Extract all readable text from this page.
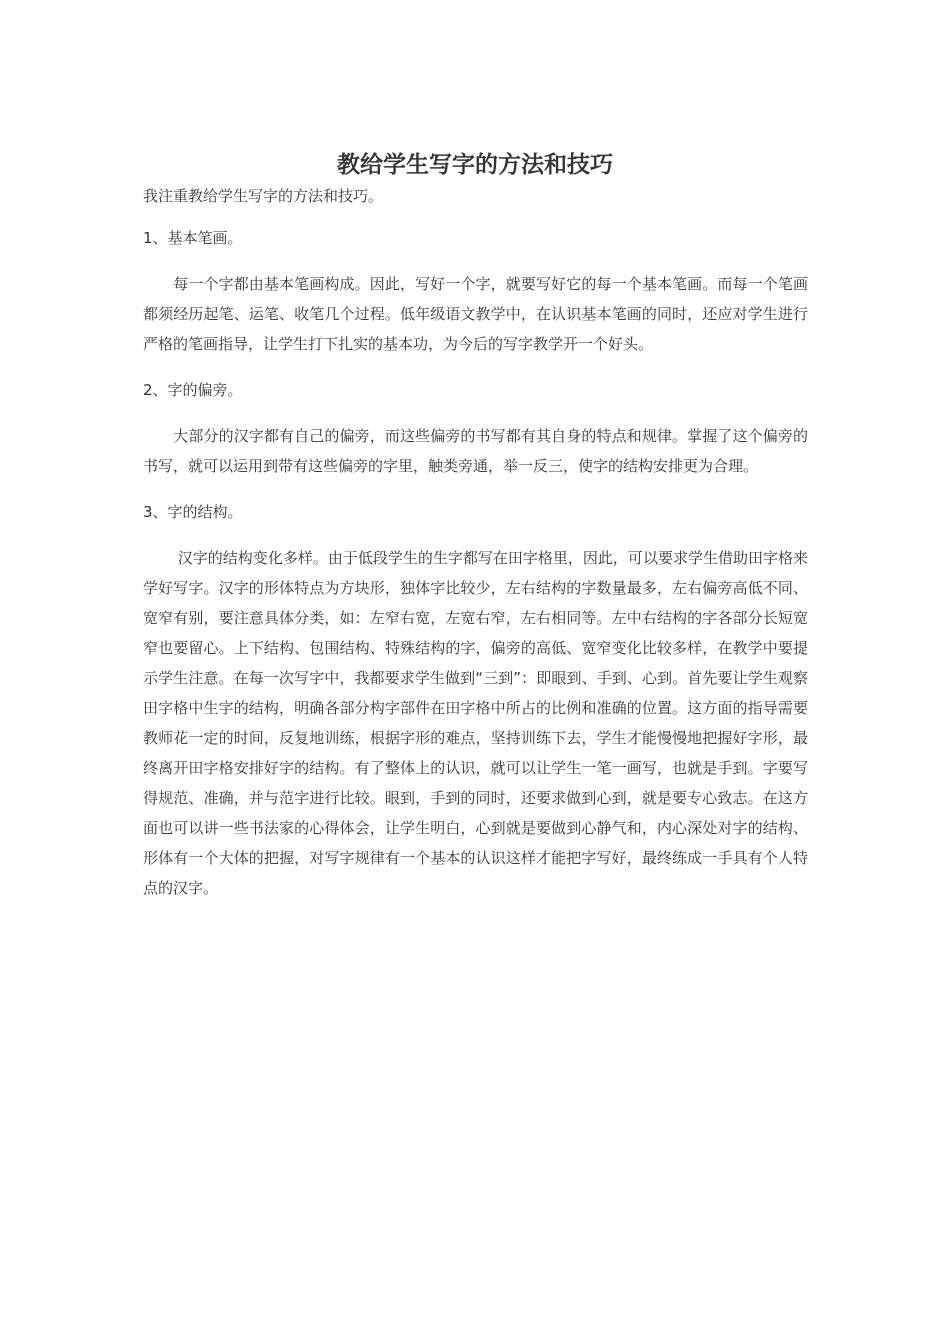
教给学生写字的方法和技巧

我注重教给学生写字的方法和技巧。

1、基本笔画。

　　每一个字都由基本笔画构成。因此，写好一个字，就要写好它的每一个基本笔画。而每一个笔画都须经历起笔、运笔、收笔几个过程。低年级语文教学中，在认识基本笔画的同时，还应对学生进行严格的笔画指导，让学生打下扎实的基本功，为今后的写字教学开一个好头。

2、字的偏旁。

　　大部分的汉字都有自己的偏旁，而这些偏旁的书写都有其自身的特点和规律。掌握了这个偏旁的书写，就可以运用到带有这些偏旁的字里，触类旁通，举一反三，使字的结构安排更为合理。

3、字的结构。

　　 汉字的结构变化多样。由于低段学生的生字都写在田字格里，因此，可以要求学生借助田字格来学好写字。汉字的形体特点为方块形，独体字比较少，左右结构的字数量最多，左右偏旁高低不同、宽窄有别，要注意具体分类，如：左窄右宽，左宽右窄，左右相同等。左中右结构的字各部分长短宽窄也要留心。上下结构、包围结构、特殊结构的字，偏旁的高低、宽窄变化比较多样，在教学中要提示学生注意。在每一次写字中，我都要求学生做到“三到”：即眼到、手到、心到。首先要让学生观察田字格中生字的结构，明确各部分构字部件在田字格中所占的比例和准确的位置。这方面的指导需要教师花一定的时间，反复地训练，根据字形的难点，坚持训练下去，学生才能慢慢地把握好字形，最终离开田字格安排好字的结构。有了整体上的认识，就可以让学生一笔一画写，也就是手到。字要写得规范、准确，并与范字进行比较。眼到，手到的同时，还要求做到心到，就是要专心致志。在这方面也可以讲一些书法家的心得体会，让学生明白，心到就是要做到心静气和，内心深处对字的结构、形体有一个大体的把握，对写字规律有一个基本的认识这样才能把字写好，最终练成一手具有个人特点的汉字。
